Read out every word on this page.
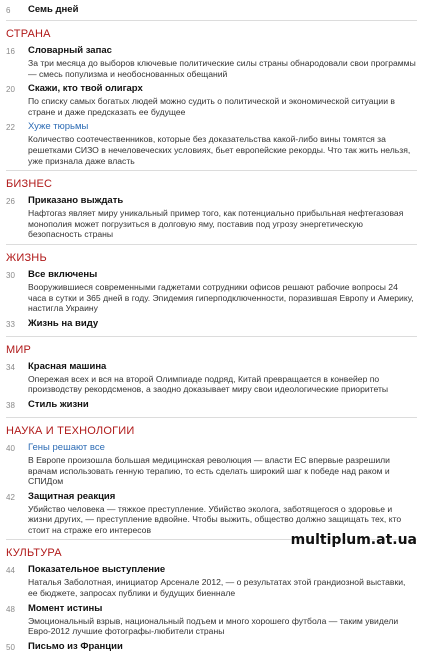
6	Семь дней
СТРАНА
16	Словарный запас
За три месяца до выборов ключевые политические силы страны обнародовали свои программы — смесь популизма и необоснованных обещаний
20	Скажи, кто твой олигарх
По списку самых богатых людей можно судить о политической и экономической ситуации в стране и даже предсказать ее будущее
22	Хуже тюрьмы
Количество соотечественников, которые без доказательства какой-либо вины томятся за решетками СИЗО в нечеловеческих условиях, бьет европейские рекорды. Что так жить нельзя, уже признала даже власть
БИЗНЕС
26	Приказано выждать
Нафтогаз являет миру уникальный пример того, как потенциально прибыльная нефтегазовая монополия может погрузиться в долговую яму, поставив под угрозу энергетическую безопасность страны
ЖИЗНЬ
30	Все включены
Вооружившиеся современными гаджетами сотрудники офисов решают рабочие вопросы 24 часа в сутки и 365 дней в году. Эпидемия гиперподключенности, поразившая Европу и Америку, настигла Украину
33	Жизнь на виду
МИР
34	Красная машина
Опережая всех и вся на второй Олимпиаде подряд, Китай превращается в конвейер по производству рекордсменов, а заодно доказывает миру свои идеологические приоритеты
38	Стиль жизни
НАУКА И ТЕХНОЛОГИИ
40	Гены решают все
В Европе произошла большая медицинская революция — власти ЕС впервые разрешили врачам использовать генную терапию, то есть сделать широкий шаг к победе над раком и СПИДом
42	Защитная реакция
Убийство человека — тяжкое преступление. Убийство эколога, заботящегося о здоровье и жизни других, — преступление вдвойне. Чтобы выжить, общество должно защищать тех, кто стоит на страже его интересов
КУЛЬТУРА
44	Показательное выступление
Наталья Заболотная, инициатор Арсенале 2012, — о результатах этой грандиозной выставки, ее бюджете, запросах публики и будущих биеннале
48	Момент истины
Эмоциональный взрыв, национальный подъем и много хорошего футбола — таким увидели Евро-2012 лучшие фотографы-любители страны
50	Письмо из Франции
multiplum.at.ua
